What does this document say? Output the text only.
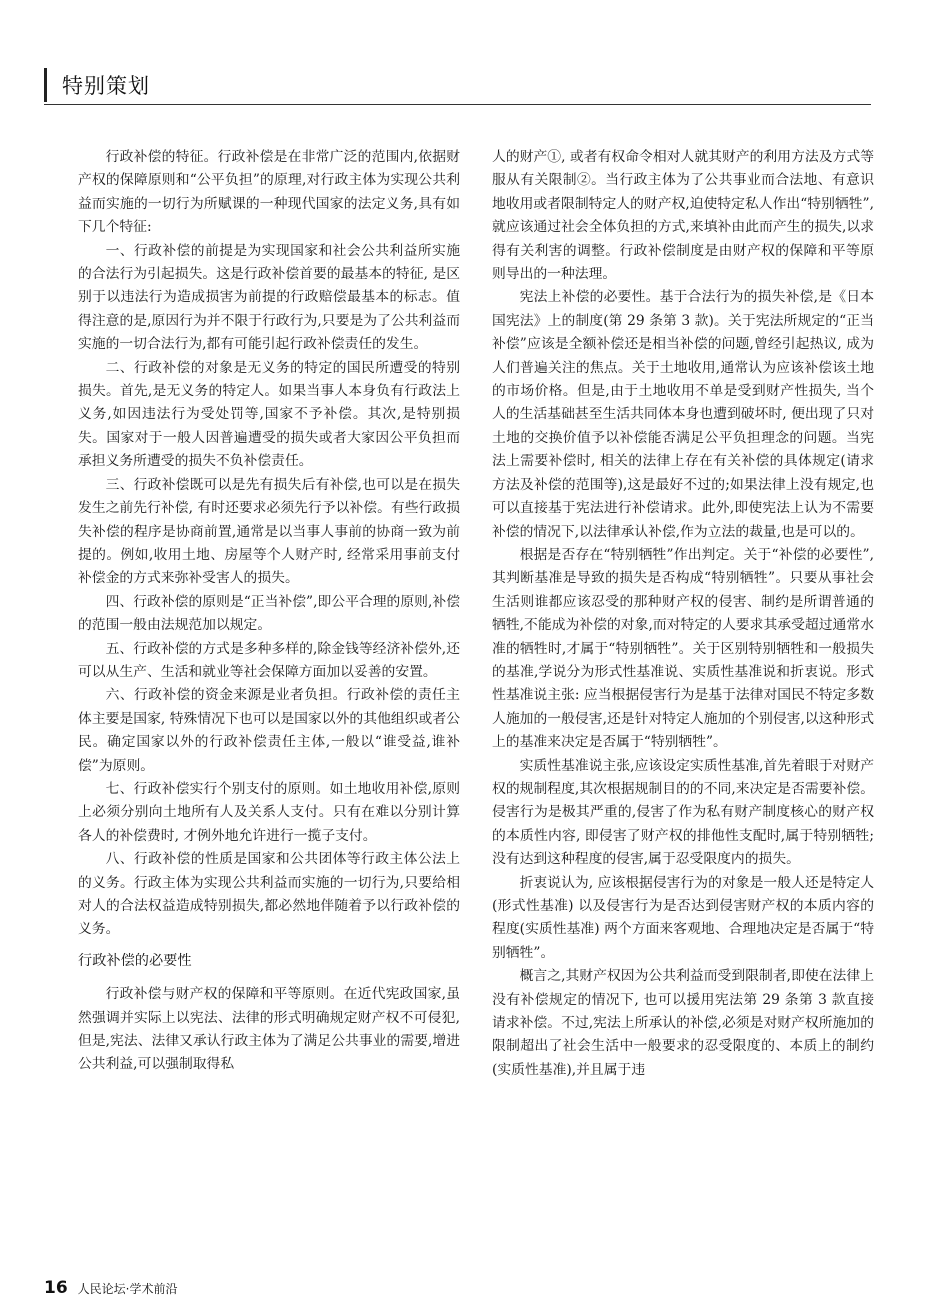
特别策划

行政补偿的特征。行政补偿是在非常广泛的范围内,依据财产权的保障原则和“公平负担”的原理,对行政主体为实现公共利益而实施的一切行为所赋课的一种现代国家的法定义务,具有如下几个特征:

一、行政补偿的前提是为实现国家和社会公共利益所实施的合法行为引起损失。这是行政补偿首要的最基本的特征, 是区别于以违法行为造成损害为前提的行政赔偿最基本的标志。值得注意的是,原因行为并不限于行政行为,只要是为了公共利益而实施的一切合法行为,都有可能引起行政补偿责任的发生。

二、行政补偿的对象是无义务的特定的国民所遭受的特别损失。首先,是无义务的特定人。如果当事人本身负有行政法上义务,如因违法行为受处罚等,国家不予补偿。其次,是特别损失。国家对于一般人因普遍遭受的损失或者大家因公平负担而承担义务所遭受的损失不负补偿责任。

三、行政补偿既可以是先有损失后有补偿,也可以是在损失发生之前先行补偿, 有时还要求必须先行予以补偿。有些行政损失补偿的程序是协商前置,通常是以当事人事前的协商一致为前提的。例如,收用土地、房屋等个人财产时, 经常采用事前支付补偿金的方式来弥补受害人的损失。

四、行政补偿的原则是“正当补偿”,即公平合理的原则,补偿的范围一般由法规范加以规定。

五、行政补偿的方式是多种多样的,除金钱等经济补偿外,还可以从生产、生活和就业等社会保障方面加以妥善的安置。

六、行政补偿的资金来源是业者负担。行政补偿的责任主体主要是国家, 特殊情况下也可以是国家以外的其他组织或者公民。确定国家以外的行政补偿责任主体,一般以“谁受益,谁补偿”为原则。

七、行政补偿实行个别支付的原则。如土地收用补偿,原则上必须分别向土地所有人及关系人支付。只有在难以分别计算各人的补偿费时, 才例外地允许进行一揽子支付。

八、行政补偿的性质是国家和公共团体等行政主体公法上的义务。行政主体为实现公共利益而实施的一切行为,只要给相对人的合法权益造成特别损失,都必然地伴随着予以行政补偿的义务。

行政补偿的必要性

行政补偿与财产权的保障和平等原则。在近代宪政国家,虽然强调并实际上以宪法、法律的形式明确规定财产权不可侵犯,但是,宪法、法律又承认行政主体为了满足公共事业的需要,增进公共利益,可以强制取得私

人的财产①, 或者有权命令相对人就其财产的利用方法及方式等服从有关限制②。当行政主体为了公共事业而合法地、有意识地收用或者限制特定人的财产权,迫使特定私人作出“特别牺牲”,就应该通过社会全体负担的方式,来填补由此而产生的损失,以求得有关利害的调整。行政补偿制度是由财产权的保障和平等原则导出的一种法理。

宪法上补偿的必要性。基于合法行为的损失补偿,是《日本国宪法》上的制度(第 29 条第 3 款)。关于宪法所规定的“正当补偿”应该是全额补偿还是相当补偿的问题,曾经引起热议, 成为人们普遍关注的焦点。关于土地收用,通常认为应该补偿该土地的市场价格。但是,由于土地收用不单是受到财产性损失, 当个人的生活基础甚至生活共同体本身也遭到破坏时, 便出现了只对土地的交换价值予以补偿能否满足公平负担理念的问题。当宪法上需要补偿时, 相关的法律上存在有关补偿的具体规定(请求方法及补偿的范围等),这是最好不过的;如果法律上没有规定,也可以直接基于宪法进行补偿请求。此外,即使宪法上认为不需要补偿的情况下,以法律承认补偿,作为立法的裁量,也是可以的。

根据是否存在“特别牺牲”作出判定。关于“补偿的必要性”,其判断基准是导致的损失是否构成“特别牺牲”。只要从事社会生活则谁都应该忍受的那种财产权的侵害、制约是所谓普通的牺牲,不能成为补偿的对象,而对特定的人要求其承受超过通常水准的牺牲时,才属于“特别牺牲”。关于区别特别牺牲和一般损失的基准,学说分为形式性基准说、实质性基准说和折衷说。形式性基准说主张: 应当根据侵害行为是基于法律对国民不特定多数人施加的一般侵害,还是针对特定人施加的个别侵害,以这种形式上的基准来决定是否属于“特别牺牲”。

实质性基准说主张,应该设定实质性基准,首先着眼于对财产权的规制程度,其次根据规制目的的不同,来决定是否需要补偿。侵害行为是极其严重的,侵害了作为私有财产制度核心的财产权的本质性内容, 即侵害了财产权的排他性支配时,属于特别牺牲;没有达到这种程度的侵害,属于忍受限度内的损失。

折衷说认为, 应该根据侵害行为的对象是一般人还是特定人(形式性基准) 以及侵害行为是否达到侵害财产权的本质内容的程度(实质性基准) 两个方面来客观地、合理地决定是否属于“特别牺牲”。

概言之,其财产权因为公共利益而受到限制者,即使在法律上没有补偿规定的情况下, 也可以援用宪法第 29 条第 3 款直接请求补偿。不过,宪法上所承认的补偿,必须是对财产权所施加的限制超出了社会生活中一般要求的忍受限度的、本质上的制约(实质性基准),并且属于违

16 人民论坛·学术前沿
